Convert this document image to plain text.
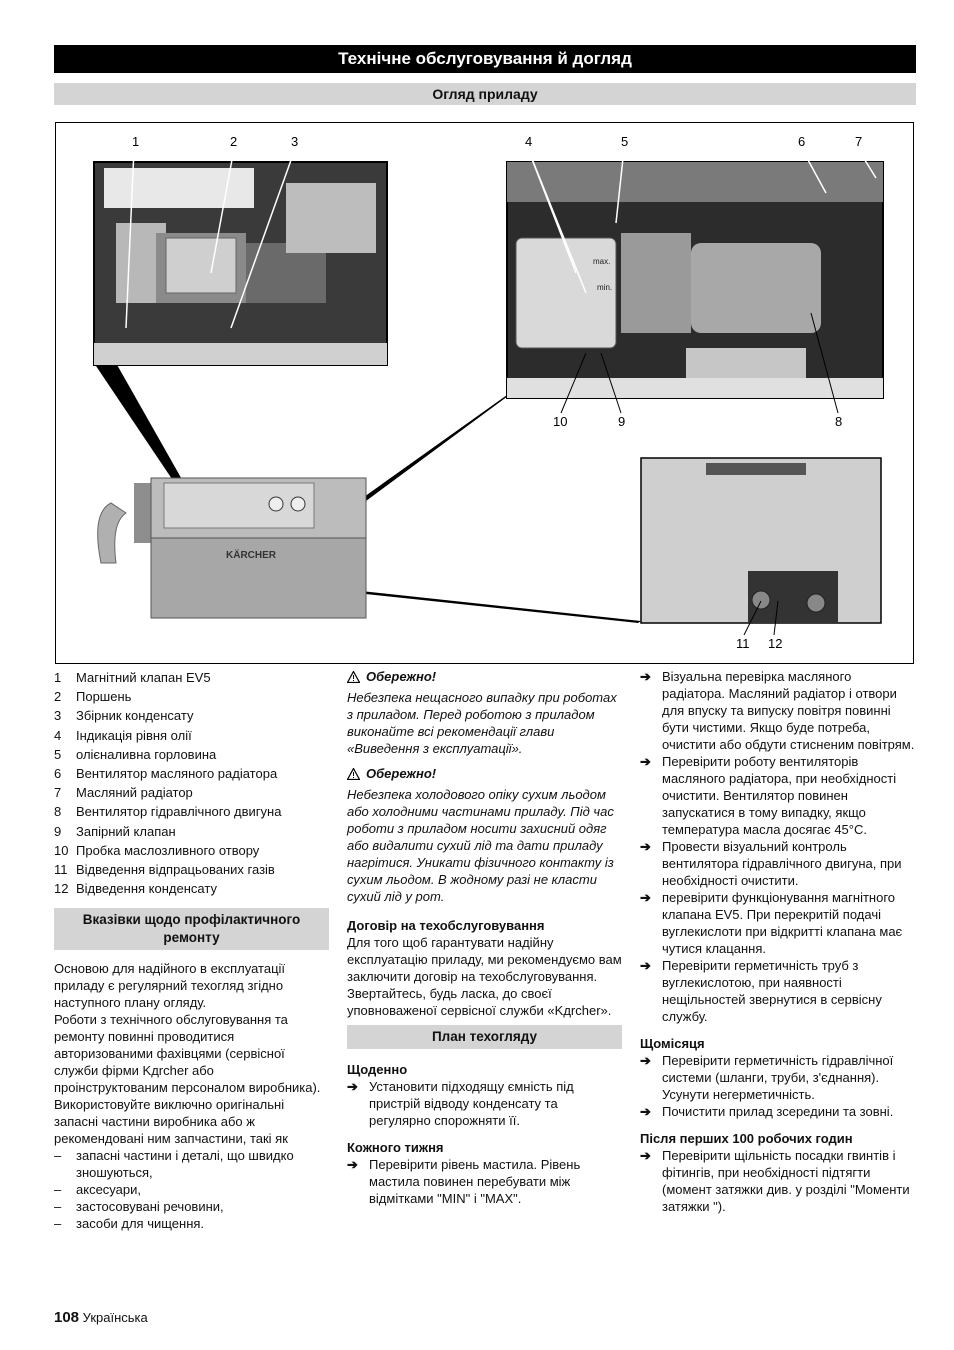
Технічне обслуговування й догляд
Огляд приладу
1	2	3	4	5	6	7
10	9	8
11 12
max.
min.
KÄRCHER
1	Магнітний клапан EV5
2	Поршень
3	Збірник конденсату
4	Індикація рівня олії
5	олієналивна горловина
6	Вентилятор масляного радіатора
7	Масляний радіатор
8	Вентилятор гідравлічного двигуна
9	Запірний клапан
10 Пробка маслозливного отвору
11 Відведення відпрацьованих газів
12 Відведення конденсату
Вказівки щодо профілактичного ремонту

Основою для надійного в експлуатації приладу є регулярний техогляд згідно наступного плану огляду.

Роботи з технічного обслуговування та ремонту повинні проводитися авторизованими фахівцями (сервісної служби фірми Kдrcher або проінструктованим персоналом виробника).

Використовуйте виключно оригінальні запасні частини виробника або ж рекомендовані ним запчастини, такі як

–	запасні частини і деталі, що швидко зношуються,
–	аксесуари,
–	застосовувані речовини,
–	засоби для чищення.
Обережно!

Небезпека нещасного випадку при роботах з приладом. Перед роботою з приладом виконайте всі рекомендації глави «Виведення з експлуатації».

Обережно!

Небезпека холодового опіку сухим льодом або холодними частинами приладу. Під час роботи з приладом носити захисний одяг або видалити сухий лід та дати приладу нагрітися. Уникати фізичного контакту із сухим льодом. В жодному разі не класти сухий лід у рот.

Договір на техобслуговування

Для того щоб гарантувати надійну експлуатацію приладу, ми рекомендуємо вам заключити договір на техобслуговування. Звертайтесь, будь ласка, до своєї уповноваженої сервісної служби «Kдrcher».

План техогляду

Щоденно

➔ Установити підходящу ємність під пристрій відводу конденсату та регулярно спорожняти її.

Кожного тижня

➔ Перевірити рівень мастила. Рівень мастила повинен перебувати між відмітками "MIN" і "MAX".
➔ Візуальна перевірка масляного радіатора. Масляний радіатор і отвори для впуску та випуску повітря повинні бути чистими. Якщо буде потреба, очистити або обдути стисненим повітрям.
➔ Перевірити роботу вентиляторів масляного радіатора, при необхідності очистити. Вентилятор повинен запускатися в тому випадку, якщо температура масла досягає 45°C.
➔ Провести візуальний контроль вентилятора гідравлічного двигуна, при необхідності очистити.
➔ перевірити функціонування магнітного клапана EV5. При перекритій подачі вуглекислоти при відкритті клапана має чутися клацання.
➔ Перевірити герметичність труб з вуглекислотою, при наявності нещільностей звернутися в сервісну службу.

Щомісяця

➔ Перевірити герметичність гідравлічної системи (шланги, труби, з'єднання). Усунути негерметичність.
➔ Почистити прилад зсередини та зовні.

Після перших 100 робочих годин

➔ Перевірити щільність посадки гвинтів і фітингів, при необхідності підтягти (момент затяжки див. у розділі "Моменти затяжки ").
108 Українська
